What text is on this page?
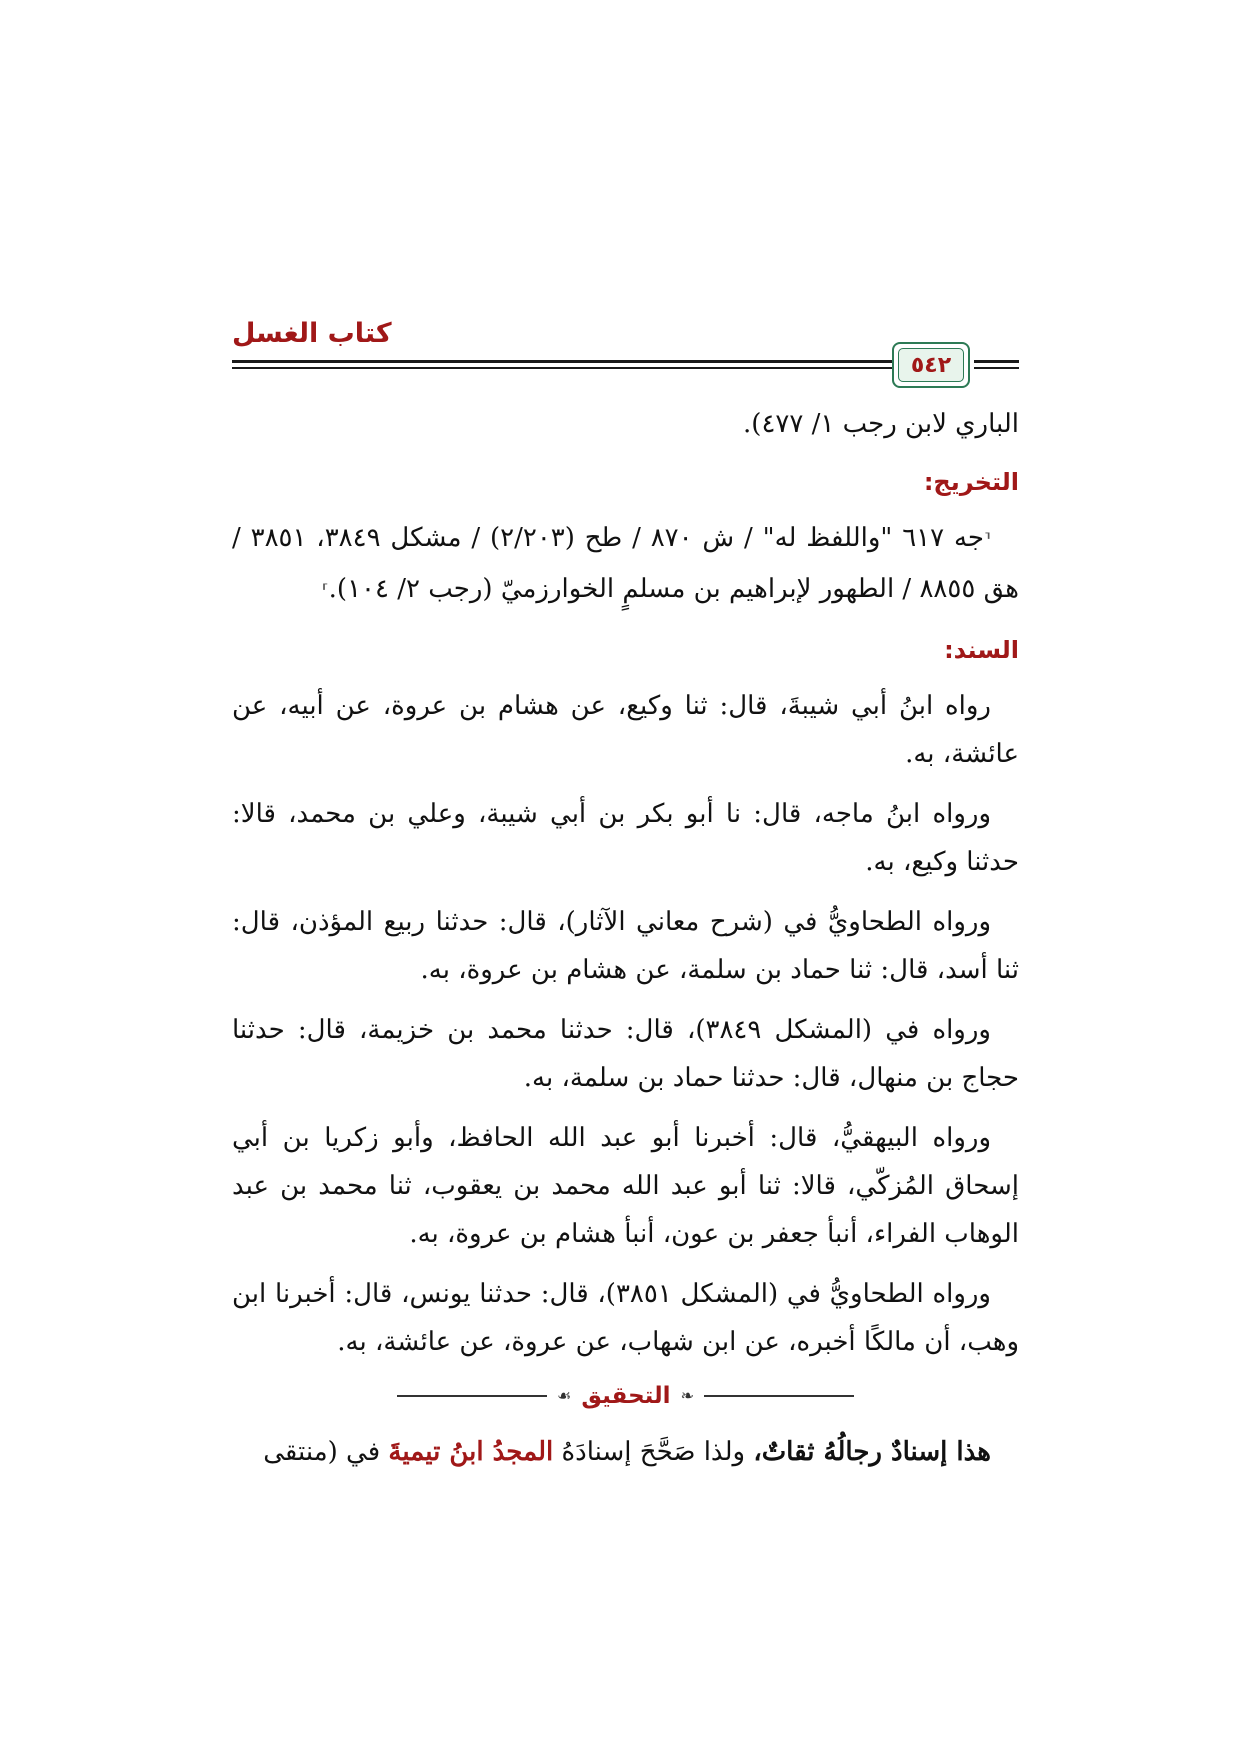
كتاب الغسل
٥٤٢

الباري لابن رجب ١/ ٤٧٧).

التخريج:

⸢جه ٦١٧ "واللفظ له" / ش ٨٧٠ / طح (٢/٢٠٣) / مشكل ٣٨٤٩، ٣٨٥١ / هق ٨٨٥٥ / الطهور لإبراهيم بن مسلمٍ الخوارزميّ (رجب ٢/ ١٠٤).⸣

السند:

رواه ابنُ أبي شيبةَ، قال: ثنا وكيع، عن هشام بن عروة، عن أبيه، عن عائشة، به.

ورواه ابنُ ماجه، قال: نا أبو بكر بن أبي شيبة، وعلي بن محمد، قالا: حدثنا وكيع، به.

ورواه الطحاويُّ في (شرح معاني الآثار)، قال: حدثنا ربيع المؤذن، قال: ثنا أسد، قال: ثنا حماد بن سلمة، عن هشام بن عروة، به.

ورواه في (المشكل ٣٨٤٩)، قال: حدثنا محمد بن خزيمة، قال: حدثنا حجاج بن منهال، قال: حدثنا حماد بن سلمة، به.

ورواه البيهقيُّ، قال: أخبرنا أبو عبد الله الحافظ، وأبو زكريا بن أبي إسحاق المُزكّي، قالا: ثنا أبو عبد الله محمد بن يعقوب، ثنا محمد بن عبد الوهاب الفراء، أنبأ جعفر بن عون، أنبأ هشام بن عروة، به.

ورواه الطحاويُّ في (المشكل ٣٨٥١)، قال: حدثنا يونس، قال: أخبرنا ابن وهب، أن مالكًا أخبره، عن ابن شهاب، عن عروة، عن عائشة، به.

❧
التحقيق
☙

هذا إسنادٌ رجالُهُ ثقاتٌ، ولذا صَحَّحَ إسنادَهُ المجدُ ابنُ تيميةَ في (منتقى
